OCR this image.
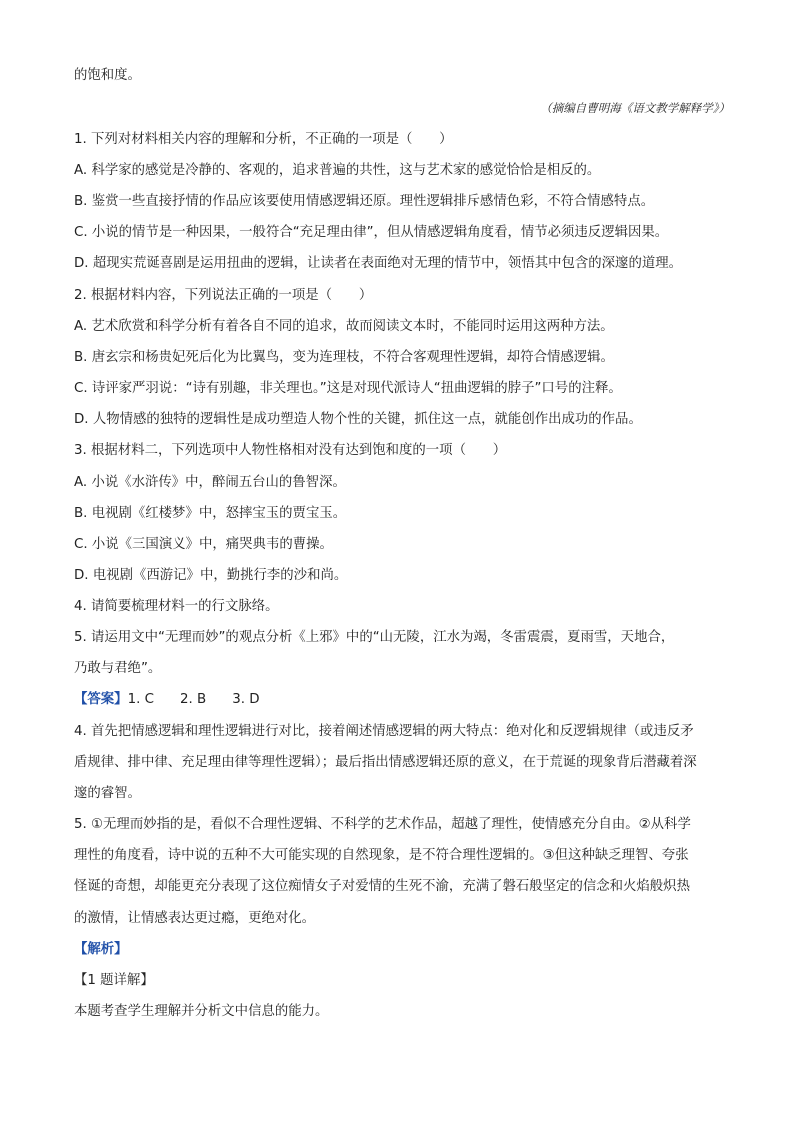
的饱和度。
（摘编自曹明海《语文教学解释学》）
1. 下列对材料相关内容的理解和分析，不正确的一项是（　　）
A. 科学家的感觉是冷静的、客观的，追求普遍的共性，这与艺术家的感觉恰恰是相反的。
B. 鉴赏一些直接抒情的作品应该要使用情感逻辑还原。理性逻辑排斥感情色彩，不符合情感特点。
C. 小说的情节是一种因果，一般符合“充足理由律”，但从情感逻辑角度看，情节必须违反逻辑因果。
D. 超现实荒诞喜剧是运用扭曲的逻辑，让读者在表面绝对无理的情节中，领悟其中包含的深邃的道理。
2. 根据材料内容，下列说法正确的一项是（　　）
A. 艺术欣赏和科学分析有着各自不同的追求，故而阅读文本时，不能同时运用这两种方法。
B. 唐玄宗和杨贵妃死后化为比翼鸟，变为连理枝，不符合客观理性逻辑，却符合情感逻辑。
C. 诗评家严羽说：“诗有别趣，非关理也。”这是对现代派诗人“扭曲逻辑的脖子”口号的注释。
D. 人物情感的独特的逻辑性是成功塑造人物个性的关键，抓住这一点，就能创作出成功的作品。
3. 根据材料二，下列选项中人物性格相对没有达到饱和度的一项（　　）
A. 小说《水浒传》中，醉闹五台山的鲁智深。
B. 电视剧《红楼梦》中，怒摔宝玉的贾宝玉。
C. 小说《三国演义》中，痛哭典韦的曹操。
D. 电视剧《西游记》中，勤挑行李的沙和尚。
4. 请简要梳理材料一的行文脉络。
5. 请运用文中“无理而妙”的观点分析《上邪》中的“山无陵，江水为竭，冬雷震震，夏雨雪，天地合，
乃敢与君绝”。
【答案】1. C 2. B 3. D
4. 首先把情感逻辑和理性逻辑进行对比，接着阐述情感逻辑的两大特点：绝对化和反逻辑规律（或违反矛
盾规律、排中律、充足理由律等理性逻辑）；最后指出情感逻辑还原的意义，在于荒诞的现象背后潜藏着深
邃的睿智。
5. ①无理而妙指的是，看似不合理性逻辑、不科学的艺术作品，超越了理性，使情感充分自由。②从科学
理性的角度看，诗中说的五种不大可能实现的自然现象，是不符合理性逻辑的。③但这种缺乏理智、夸张
怪诞的奇想，却能更充分表现了这位痴情女子对爱情的生死不渝，充满了磐石般坚定的信念和火焰般炽热
的激情，让情感表达更过瘾，更绝对化。
【解析】
【1 题详解】
本题考查学生理解并分析文中信息的能力。
